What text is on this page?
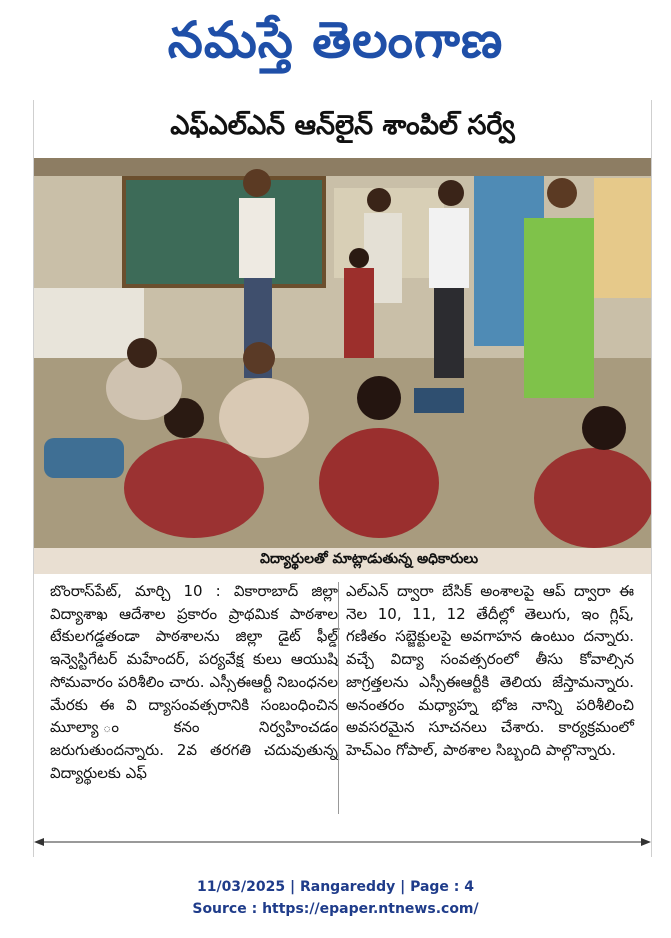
నమస్తే తెలంగాణ
ఎఫ్ఎల్ఎన్ ఆన్‌లైన్ శాంపిల్ సర్వే
విద్యార్థులతో మాట్లాడుతున్న అధికారులు

బొంరాస్‌పేట్, మార్చి 10 : వికారాబాద్ జిల్లా విద్యాశాఖ ఆదేశాల ప్రకారం ప్రాథమిక పాఠశాల టేకులగడ్డతండా పాఠశాలను జిల్లా డైట్ ఫీల్డ్ ఇన్వెస్టిగేటర్ మహేందర్, పర్యవేక్ష కులు ఆయుషి సోమవారం పరిశీలిం చారు. ఎస్సీఈఆర్టీ నిబంధనల మేరకు ఈ వి ద్యాసంవత్సరానికి సంబంధించిన మూల్యా ంకనం నిర్వహించడం జరుగుతుందన్నారు. 2వ తరగతి చదువుతున్న విద్యార్థులకు ఎఫ్

ఎల్ఎన్ ద్వారా బేసిక్ అంశాలపై ఆప్ ద్వారా ఈ నెల 10, 11, 12 తేదీల్లో తెలుగు, ఇం గ్లిష్, గణితం సబ్జెక్టులపై అవగాహన ఉంటుం దన్నారు. వచ్చే విద్యా సంవత్సరంలో తీసు కోవాల్సిన జాగ్రత్తలను ఎస్సీఈఆర్టీకి తెలియ జేస్తామన్నారు. అనంతరం మధ్యాహ్న భోజ నాన్ని పరిశీలించి అవసరమైన సూచనలు చేశారు. కార్యక్రమంలో హెచ్ఎం గోపాల్, పాఠశాల సిబ్బంది పాల్గొన్నారు.

11/03/2025 | Rangareddy | Page : 4
Source : https://epaper.ntnews.com/
